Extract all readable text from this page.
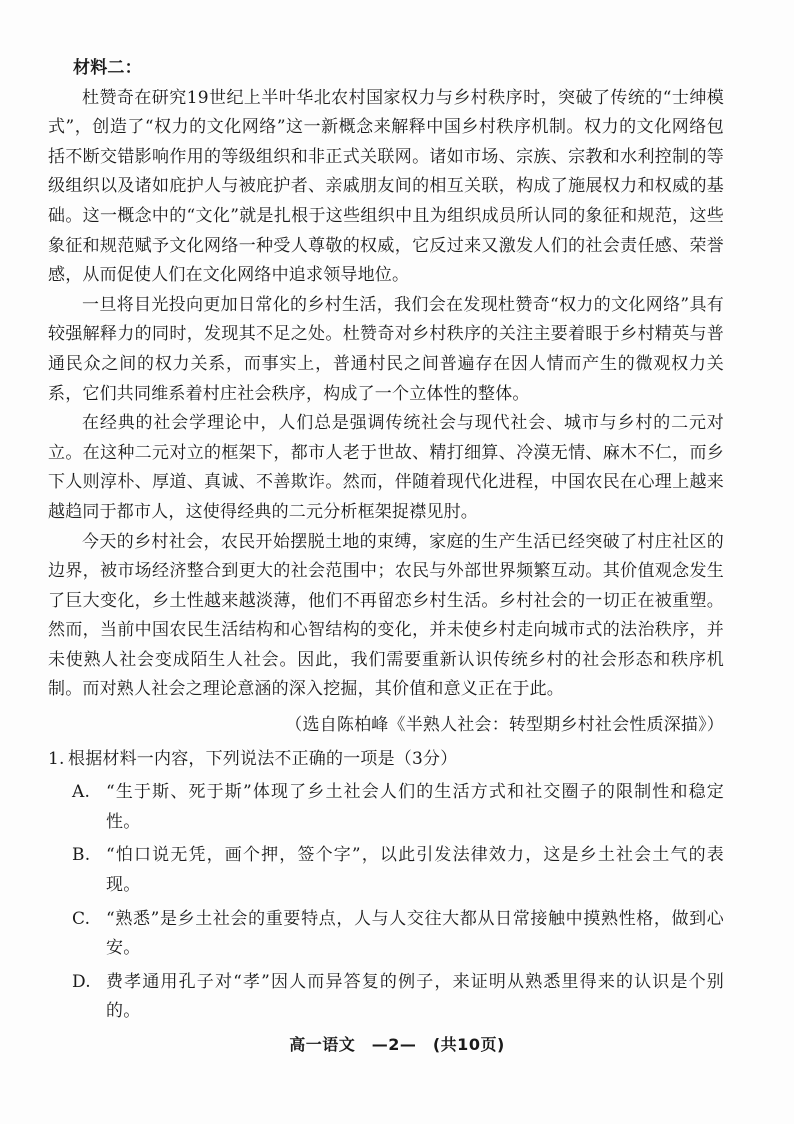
材料二：

杜赞奇在研究19世纪上半叶华北农村国家权力与乡村秩序时，突破了传统的“士绅模式”，创造了“权力的文化网络”这一新概念来解释中国乡村秩序机制。权力的文化网络包括不断交错影响作用的等级组织和非正式关联网。诸如市场、宗族、宗教和水利控制的等级组织以及诸如庇护人与被庇护者、亲戚朋友间的相互关联，构成了施展权力和权威的基础。这一概念中的“文化”就是扎根于这些组织中且为组织成员所认同的象征和规范，这些象征和规范赋予文化网络一种受人尊敬的权威，它反过来又激发人们的社会责任感、荣誉感，从而促使人们在文化网络中追求领导地位。

一旦将目光投向更加日常化的乡村生活，我们会在发现杜赞奇“权力的文化网络”具有较强解释力的同时，发现其不足之处。杜赞奇对乡村秩序的关注主要着眼于乡村精英与普通民众之间的权力关系，而事实上，普通村民之间普遍存在因人情而产生的微观权力关系，它们共同维系着村庄社会秩序，构成了一个立体性的整体。

在经典的社会学理论中，人们总是强调传统社会与现代社会、城市与乡村的二元对立。在这种二元对立的框架下，都市人老于世故、精打细算、冷漠无情、麻木不仁，而乡下人则淳朴、厚道、真诚、不善欺诈。然而，伴随着现代化进程，中国农民在心理上越来越趋同于都市人，这使得经典的二元分析框架捉襟见肘。

今天的乡村社会，农民开始摆脱土地的束缚，家庭的生产生活已经突破了村庄社区的边界，被市场经济整合到更大的社会范围中；农民与外部世界频繁互动。其价值观念发生了巨大变化，乡土性越来越淡薄，他们不再留恋乡村生活。乡村社会的一切正在被重塑。然而，当前中国农民生活结构和心智结构的变化，并未使乡村走向城市式的法治秩序，并未使熟人社会变成陌生人社会。因此，我们需要重新认识传统乡村的社会形态和秩序机制。而对熟人社会之理论意涵的深入挖掘，其价值和意义正在于此。

（选自陈柏峰《半熟人社会：转型期乡村社会性质深描》）
1. 根据材料一内容，下列说法不正确的一项是（3分）
A. “生于斯、死于斯”体现了乡土社会人们的生活方式和社交圈子的限制性和稳定性。
B. “怕口说无凭，画个押，签个字”，以此引发法律效力，这是乡土社会土气的表现。
C. “熟悉”是乡土社会的重要特点，人与人交往大都从日常接触中摸熟性格，做到心安。
D. 费孝通用孔子对“孝”因人而异答复的例子，来证明从熟悉里得来的认识是个别的。
高一语文　—2—　(共10页)
